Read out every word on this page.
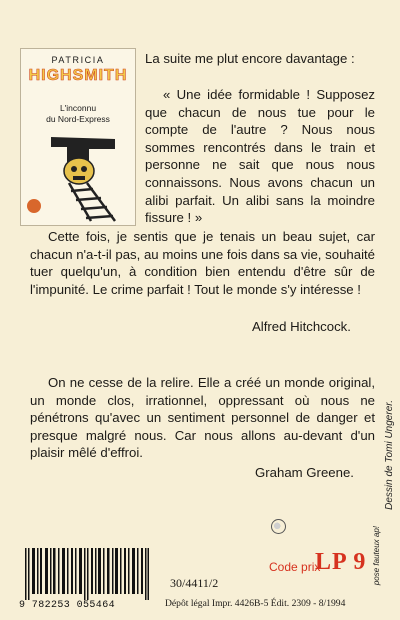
PATRICIA
HIGHSMITH
L'inconnu
du Nord-Express

La suite me plut encore davantage :

« Une idée formidable ! Supposez que chacun de nous tue pour le compte de l'autre ? Nous nous sommes rencontrés dans le train et personne ne sait que nous nous connaissons. Nous avons chacun un alibi parfait. Un alibi sans la moindre fissure ! »

Cette fois, je sentis que je tenais un beau sujet, car chacun n'a-t-il pas, au moins une fois dans sa vie, souhaité tuer quelqu'un, à condition bien entendu d'être sûr de l'impunité. Le crime parfait ! Tout le monde s'y intéresse !

Alfred Hitchcock.

On ne cesse de la relire. Elle a créé un monde original, un monde clos, irrationnel, oppressant où nous ne pénétrons qu'avec un sentiment personnel de danger et presque malgré nous. Car nous allons au-devant d'un plaisir mêlé d'effroi.

Graham Greene.
9 782253 055464
30/4411/2
Code prix
LP 9
Dépôt légal Impr. 4426B-5 Édit. 2309 - 8/1994
Dessin de Tomi Ungerer.
pose fauteux ap!
